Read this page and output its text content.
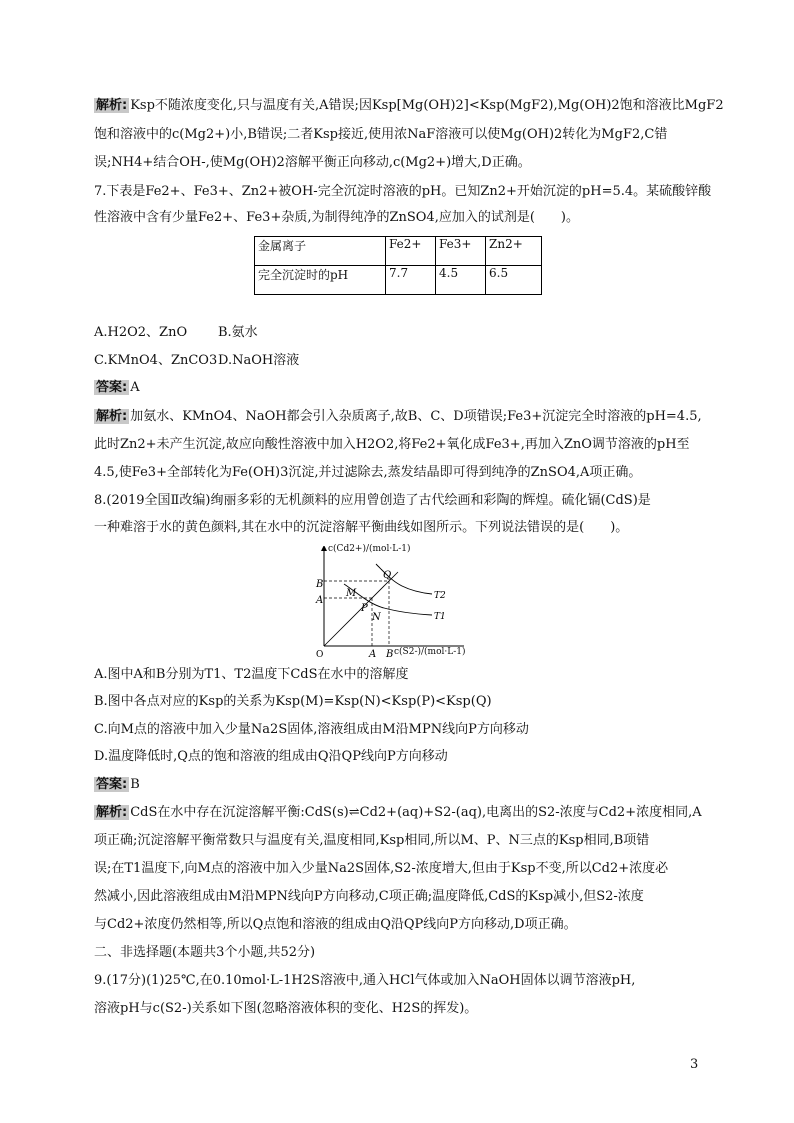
解析: Ksp不随浓度变化,只与温度有关,A错误;因Ksp[Mg(OH)2]<Ksp(MgF2),Mg(OH)2饱和溶液比MgF2
饱和溶液中的c(Mg2+)小,B错误;二者Ksp接近,使用浓NaF溶液可以使Mg(OH)2转化为MgF2,C错
误;NH4+结合OH-,使Mg(OH)2溶解平衡正向移动,c(Mg2+)增大,D正确。
7.下表是Fe2+、Fe3+、Zn2+被OH-完全沉淀时溶液的pH。已知Zn2+开始沉淀的pH=5.4。某硫酸锌酸
性溶液中含有少量Fe2+、Fe3+杂质,为制得纯净的ZnSO4,应加入的试剂是(　　)。
金属离子	Fe2+	Fe3+	Zn2+
完全沉淀时的pH	7.7	4.5	6.5
A.H2O2、ZnO B.氨水
C.KMnO4、ZnCO3 D.NaOH溶液
答案: A
解析: 加氨水、KMnO4、NaOH都会引入杂质离子,故B、C、D项错误;Fe3+沉淀完全时溶液的pH=4.5,
此时Zn2+未产生沉淀,故应向酸性溶液中加入H2O2,将Fe2+氧化成Fe3+,再加入ZnO调节溶液的pH至
4.5,使Fe3+全部转化为Fe(OH)3沉淀,并过滤除去,蒸发结晶即可得到纯净的ZnSO4,A项正确。
8.(2019全国Ⅱ改编)绚丽多彩的无机颜料的应用曾创造了古代绘画和彩陶的辉煌。硫化镉(CdS)是
一种难溶于水的黄色颜料,其在水中的沉淀溶解平衡曲线如图所示。下列说法错误的是(　　)。
B
A
M
P
N
Q
T2
T1
A B
O
c(Cd2+)/(mol·L-1)
c(S2-)/(mol·L-1)
A.图中A和B分别为T1、T2温度下CdS在水中的溶解度
B.图中各点对应的Ksp的关系为Ksp(M)=Ksp(N)<Ksp(P)<Ksp(Q)
C.向M点的溶液中加入少量Na2S固体,溶液组成由M沿MPN线向P方向移动
D.温度降低时,Q点的饱和溶液的组成由Q沿QP线向P方向移动
答案: B
解析: CdS在水中存在沉淀溶解平衡:CdS(s)⇌Cd2+(aq)+S2-(aq),电离出的S2-浓度与Cd2+浓度相同,A
项正确;沉淀溶解平衡常数只与温度有关,温度相同,Ksp相同,所以M、P、N三点的Ksp相同,B项错
误;在T1温度下,向M点的溶液中加入少量Na2S固体,S2-浓度增大,但由于Ksp不变,所以Cd2+浓度必
然减小,因此溶液组成由M沿MPN线向P方向移动,C项正确;温度降低,CdS的Ksp减小,但S2-浓度
与Cd2+浓度仍然相等,所以Q点饱和溶液的组成由Q沿QP线向P方向移动,D项正确。
二、非选择题(本题共3个小题,共52分)
9.(17分)(1)25℃,在0.10mol·L-1H2S溶液中,通入HCl气体或加入NaOH固体以调节溶液pH,
溶液pH与c(S2-)关系如下图(忽略溶液体积的变化、H2S的挥发)。
3
